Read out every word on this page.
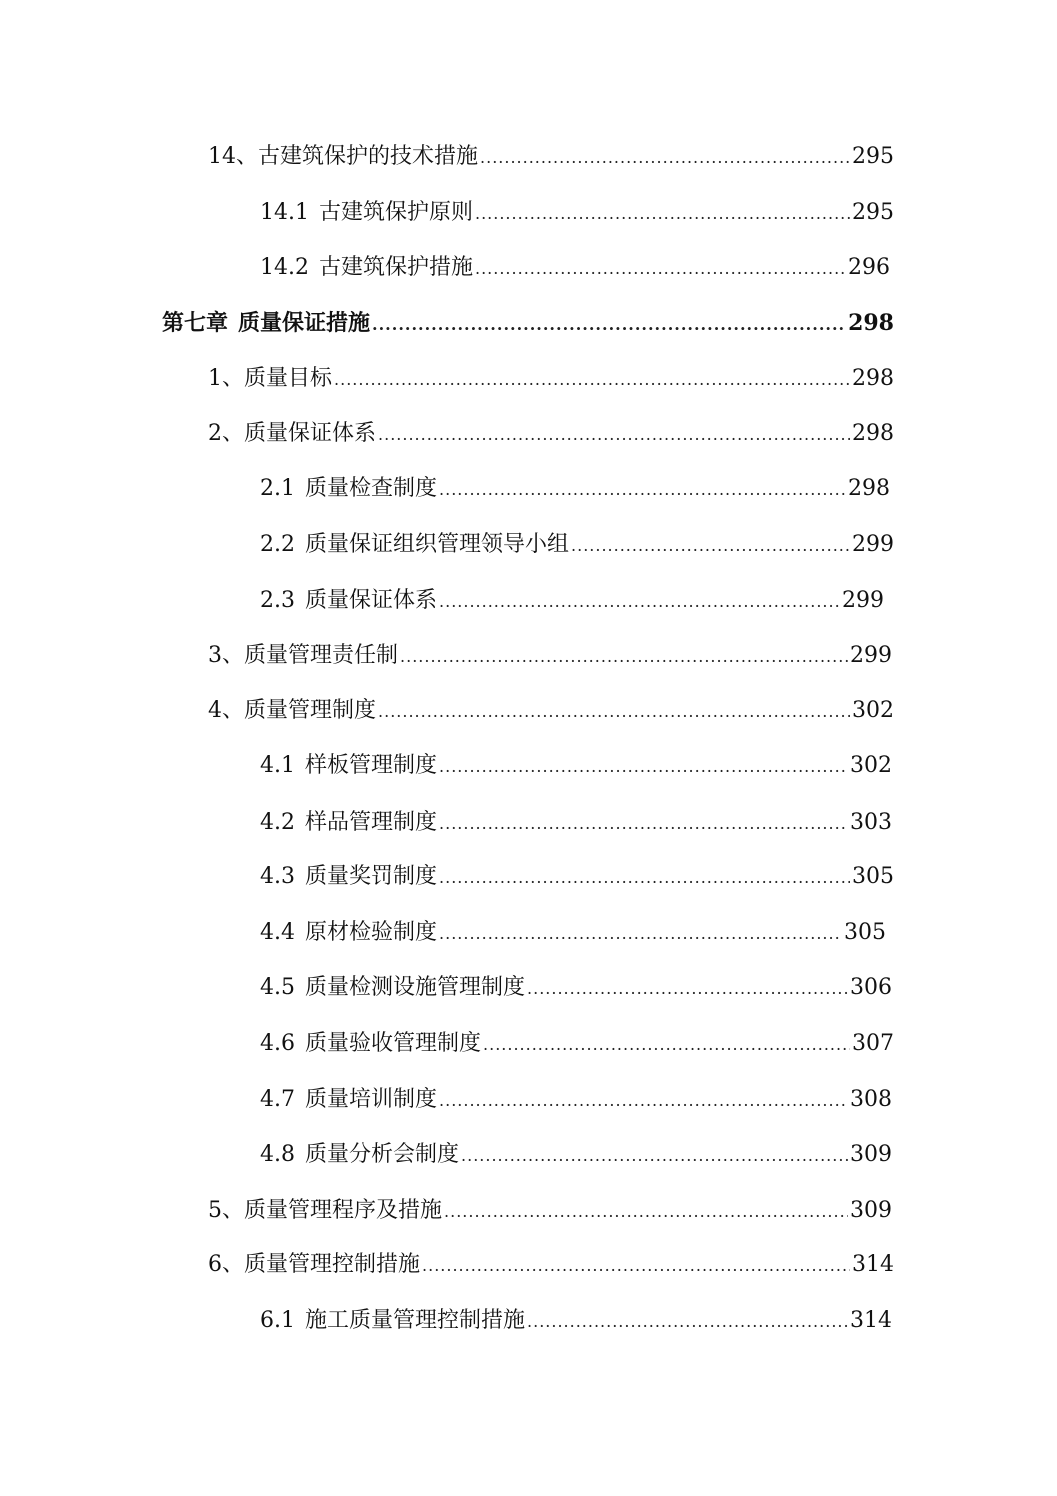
14、 古建筑保护的技术措施 .....	295
14.1 古建筑保护原则 .....	295
14.2 古建筑保护措施 .....	296
第七章 质量保证措施 .....	298
1、 质量目标 .....	298
2、 质量保证体系 .....	298
2.1 质量检查制度 .....	298
2.2 质量保证组织管理领导小组 .....	299
2.3 质量保证体系 .....	299
3、 质量管理责任制 .....	299
4、 质量管理制度 .....	302
4.1 样板管理制度 .....	302
4.2 样品管理制度 .....	303
4.3 质量奖罚制度 .....	305
4.4 原材检验制度 .....	305
4.5 质量检测设施管理制度 .....	306
4.6 质量验收管理制度 .....	307
4.7 质量培训制度 .....	308
4.8 质量分析会制度 .....	309
5、 质量管理程序及措施 .....	309
6、 质量管理控制措施 .....	314
6.1 施工质量管理控制措施 .....	314
